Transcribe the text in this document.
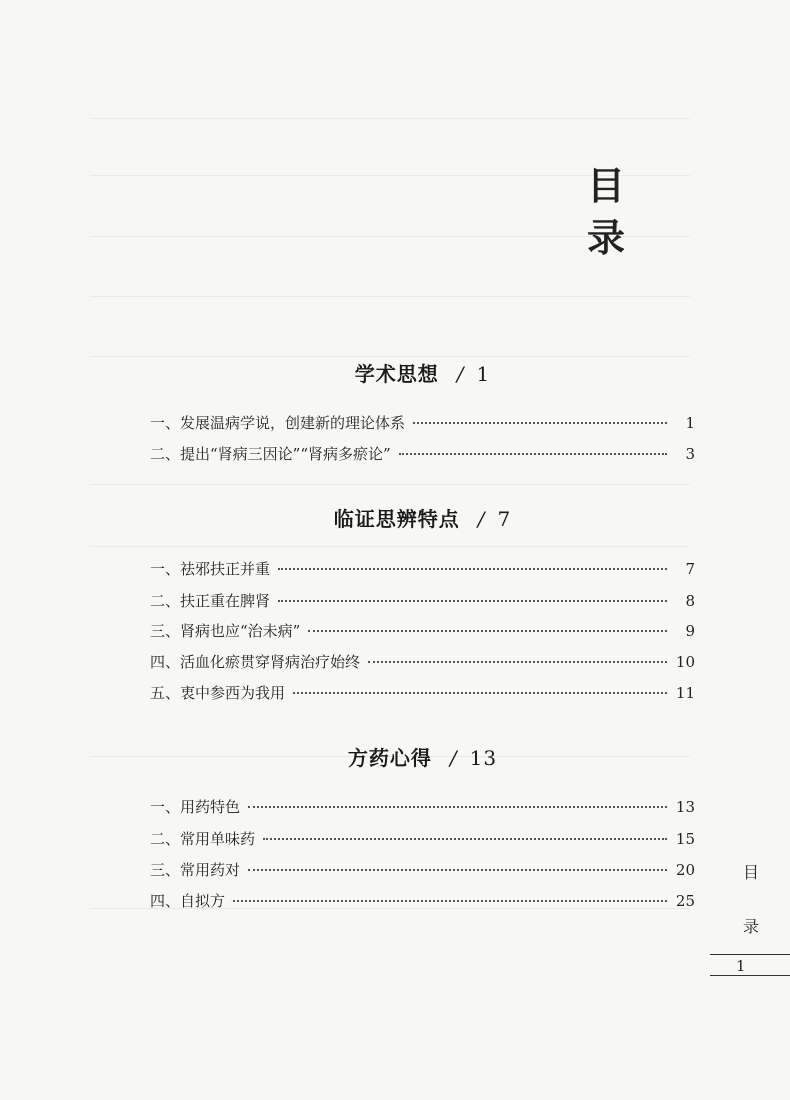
目
录
学术思想 / 1
一、发展温病学说，创建新的理论体系	1
二、提出“肾病三因论”“肾病多瘀论”	3
临证思辨特点 / 7
一、祛邪扶正并重	7
二、扶正重在脾肾	8
三、肾病也应“治未病”	9
四、活血化瘀贯穿肾病治疗始终	10
五、衷中参西为我用	11
方药心得 / 13
一、用药特色	13
二、常用单味药	15
三、常用药对	20
四、自拟方	25
目
录
1
